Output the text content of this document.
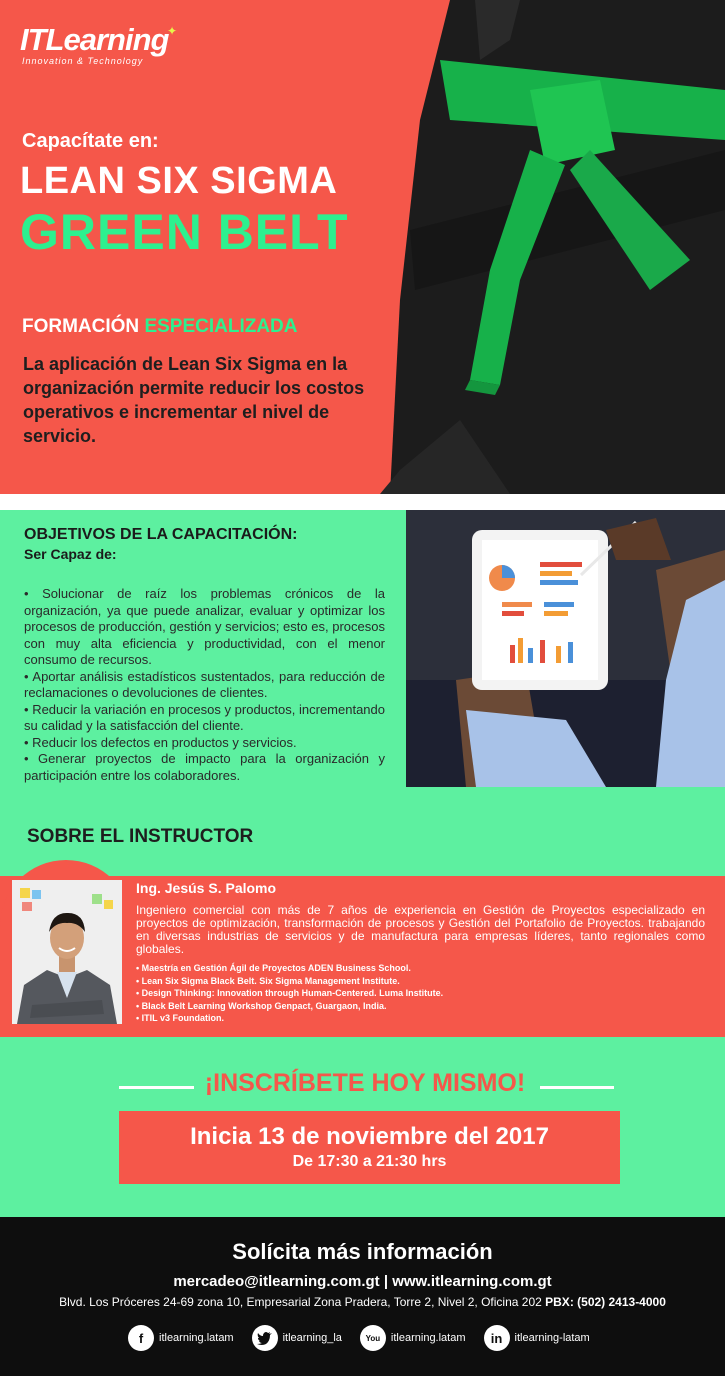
ITLearning
Innovation & Technology
✦
Capacítate en:
LEAN SIX SIGMA
GREEN BELT
FORMACIÓN ESPECIALIZADA
La aplicación de Lean Six Sigma en la organización permite reducir los costos operativos e incrementar el nivel de servicio.
OBJETIVOS DE LA CAPACITACIÓN:
Ser Capaz de:
• Solucionar de raíz los problemas crónicos de la organización, ya que puede analizar, evaluar y optimizar los procesos de producción, gestión y servicios; esto es, procesos con muy alta eficiencia y productividad, con el menor consumo de recursos.
• Aportar análisis estadísticos sustentados, para reducción de reclamaciones o devoluciones de clientes.
• Reducir la variación en procesos y productos, incrementando su calidad y la satisfacción del cliente.
• Reducir los defectos en productos y servicios.
• Generar proyectos de impacto para la organización y participación entre los colaboradores.
SOBRE EL INSTRUCTOR
Ing. Jesús S. Palomo
Ingeniero comercial con más de 7 años de experiencia en Gestión de Proyectos especializado en proyectos de optimización, transformación de procesos y Gestión del Portafolio de Proyectos. trabajando en diversas industrias de servicios y de manufactura para empresas líderes, tanto regionales como globales.
• Maestría en Gestión Ágil de Proyectos ADEN Business School.
• Lean Six Sigma Black Belt. Six Sigma Management Institute.
• Design Thinking: Innovation through Human-Centered. Luma Institute.
• Black Belt Learning Workshop Genpact, Guargaon, India.
• ITIL v3 Foundation.
¡INSCRÍBETE HOY MISMO!
Inicia 13 de noviembre del 2017
De 17:30 a 21:30 hrs
Solícita más información
mercadeo@itlearning.com.gt | www.itlearning.com.gt
Blvd. Los Próceres 24-69 zona 10, Empresarial Zona Pradera, Torre 2, Nivel 2, Oficina 202 PBX: (502) 2413-4000
f	itlearning.latam	itlearning_la	You itlearning.latam	in	itlearning-latam
